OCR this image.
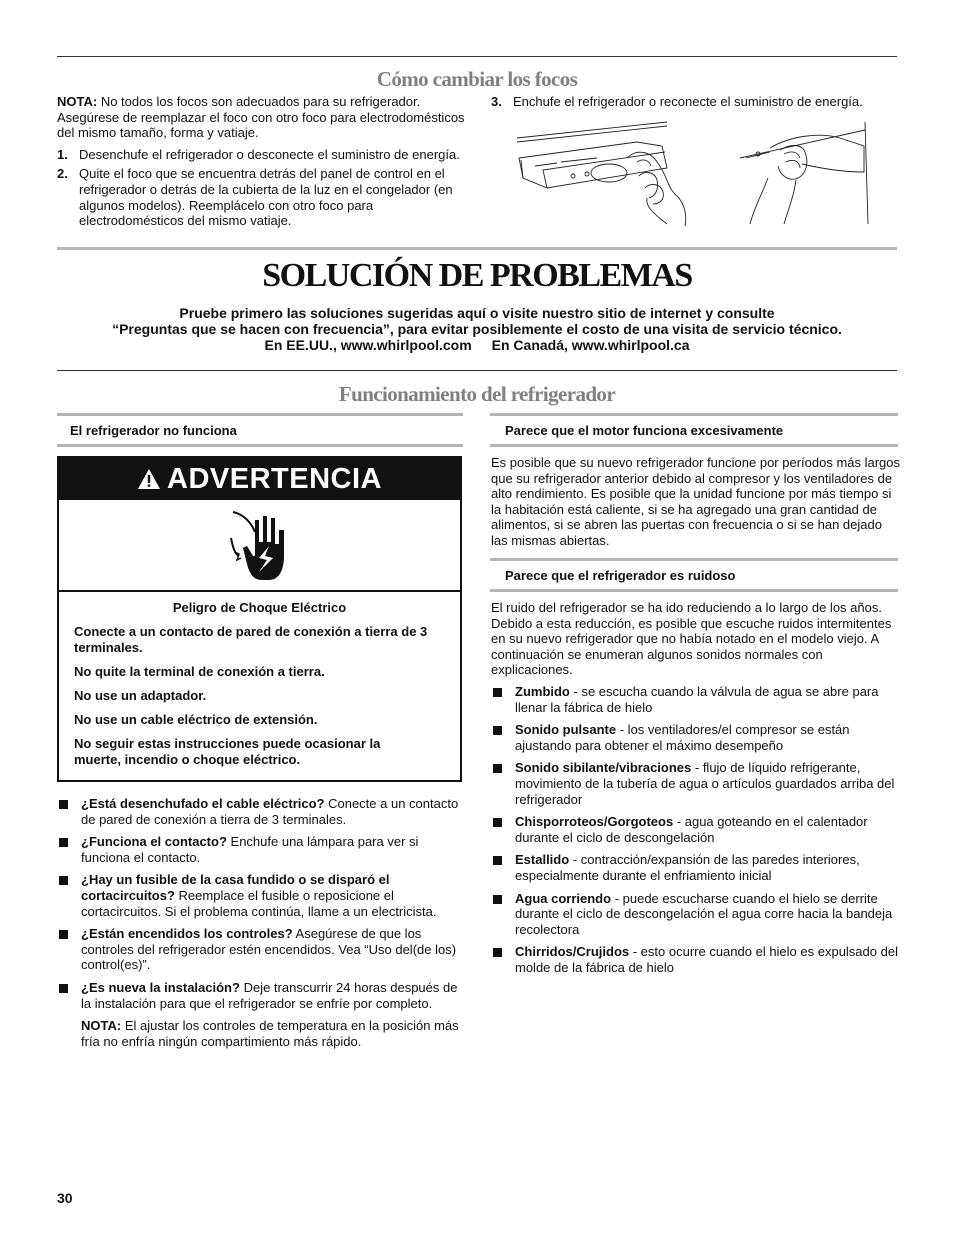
Cómo cambiar los focos

NOTA: No todos los focos son adecuados para su refrigerador. Asegúrese de reemplazar el foco con otro foco para electrodomésticos del mismo tamaño, forma y vatiaje.

1. Desenchufe el refrigerador o desconecte el suministro de energía.
2. Quite el foco que se encuentra detrás del panel de control en el refrigerador o detrás de la cubierta de la luz en el congelador (en algunos modelos). Reemplácelo con otro foco para electrodomésticos del mismo vatiaje.
3. Enchufe el refrigerador o reconecte el suministro de energía.
SOLUCIÓN DE PROBLEMAS

Pruebe primero las soluciones sugeridas aquí o visite nuestro sitio de internet y consulte

“Preguntas que se hacen con frecuencia”, para evitar posiblemente el costo de una visita de servicio técnico.

En EE.UU., www.whirlpool.com En Canadá, www.whirlpool.ca

Funcionamiento del refrigerador
El refrigerador no funciona
ADVERTENCIA

Peligro de Choque Eléctrico

Conecte a un contacto de pared de conexión a tierra de 3 terminales.

No quite la terminal de conexión a tierra.

No use un adaptador.

No use un cable eléctrico de extensión.

No seguir estas instrucciones puede ocasionar la muerte, incendio o choque eléctrico.

¿Está desenchufado el cable eléctrico? Conecte a un contacto de pared de conexión a tierra de 3 terminales.
¿Funciona el contacto? Enchufe una lámpara para ver si funciona el contacto.
¿Hay un fusible de la casa fundido o se disparó el cortacircuitos? Reemplace el fusible o reposicione el cortacircuitos. Si el problema continúa, llame a un electricista.
¿Están encendidos los controles? Asegúrese de que los controles del refrigerador estén encendidos. Vea “Uso del(de los) control(es)”.
¿Es nueva la instalación? Deje transcurrir 24 horas después de la instalación para que el refrigerador se enfríe por completo.

NOTA: El ajustar los controles de temperatura en la posición más fría no enfría ningún compartimiento más rápido.

Parece que el motor funciona excesivamente

Es posible que su nuevo refrigerador funcione por períodos más largos que su refrigerador anterior debido al compresor y los ventiladores de alto rendimiento. Es posible que la unidad funcione por más tiempo si la habitación está caliente, si se ha agregado una gran cantidad de alimentos, si se abren las puertas con frecuencia o si se han dejado las mismas abiertas.

Parece que el refrigerador es ruidoso

El ruido del refrigerador se ha ido reduciendo a lo largo de los años. Debido a esta reducción, es posible que escuche ruidos intermitentes en su nuevo refrigerador que no había notado en el modelo viejo. A continuación se enumeran algunos sonidos normales con explicaciones.

Zumbido - se escucha cuando la válvula de agua se abre para llenar la fábrica de hielo
Sonido pulsante - los ventiladores/el compresor se están ajustando para obtener el máximo desempeño
Sonido sibilante/vibraciones - flujo de líquido refrigerante, movimiento de la tubería de agua o artículos guardados arriba del refrigerador
Chisporroteos/Gorgoteos - agua goteando en el calentador durante el ciclo de descongelación
Estallido - contracción/expansión de las paredes interiores, especialmente durante el enfriamiento inicial
Agua corriendo - puede escucharse cuando el hielo se derrite durante el ciclo de descongelación el agua corre hacia la bandeja recolectora
Chirridos/Crujidos - esto ocurre cuando el hielo es expulsado del molde de la fábrica de hielo
30
